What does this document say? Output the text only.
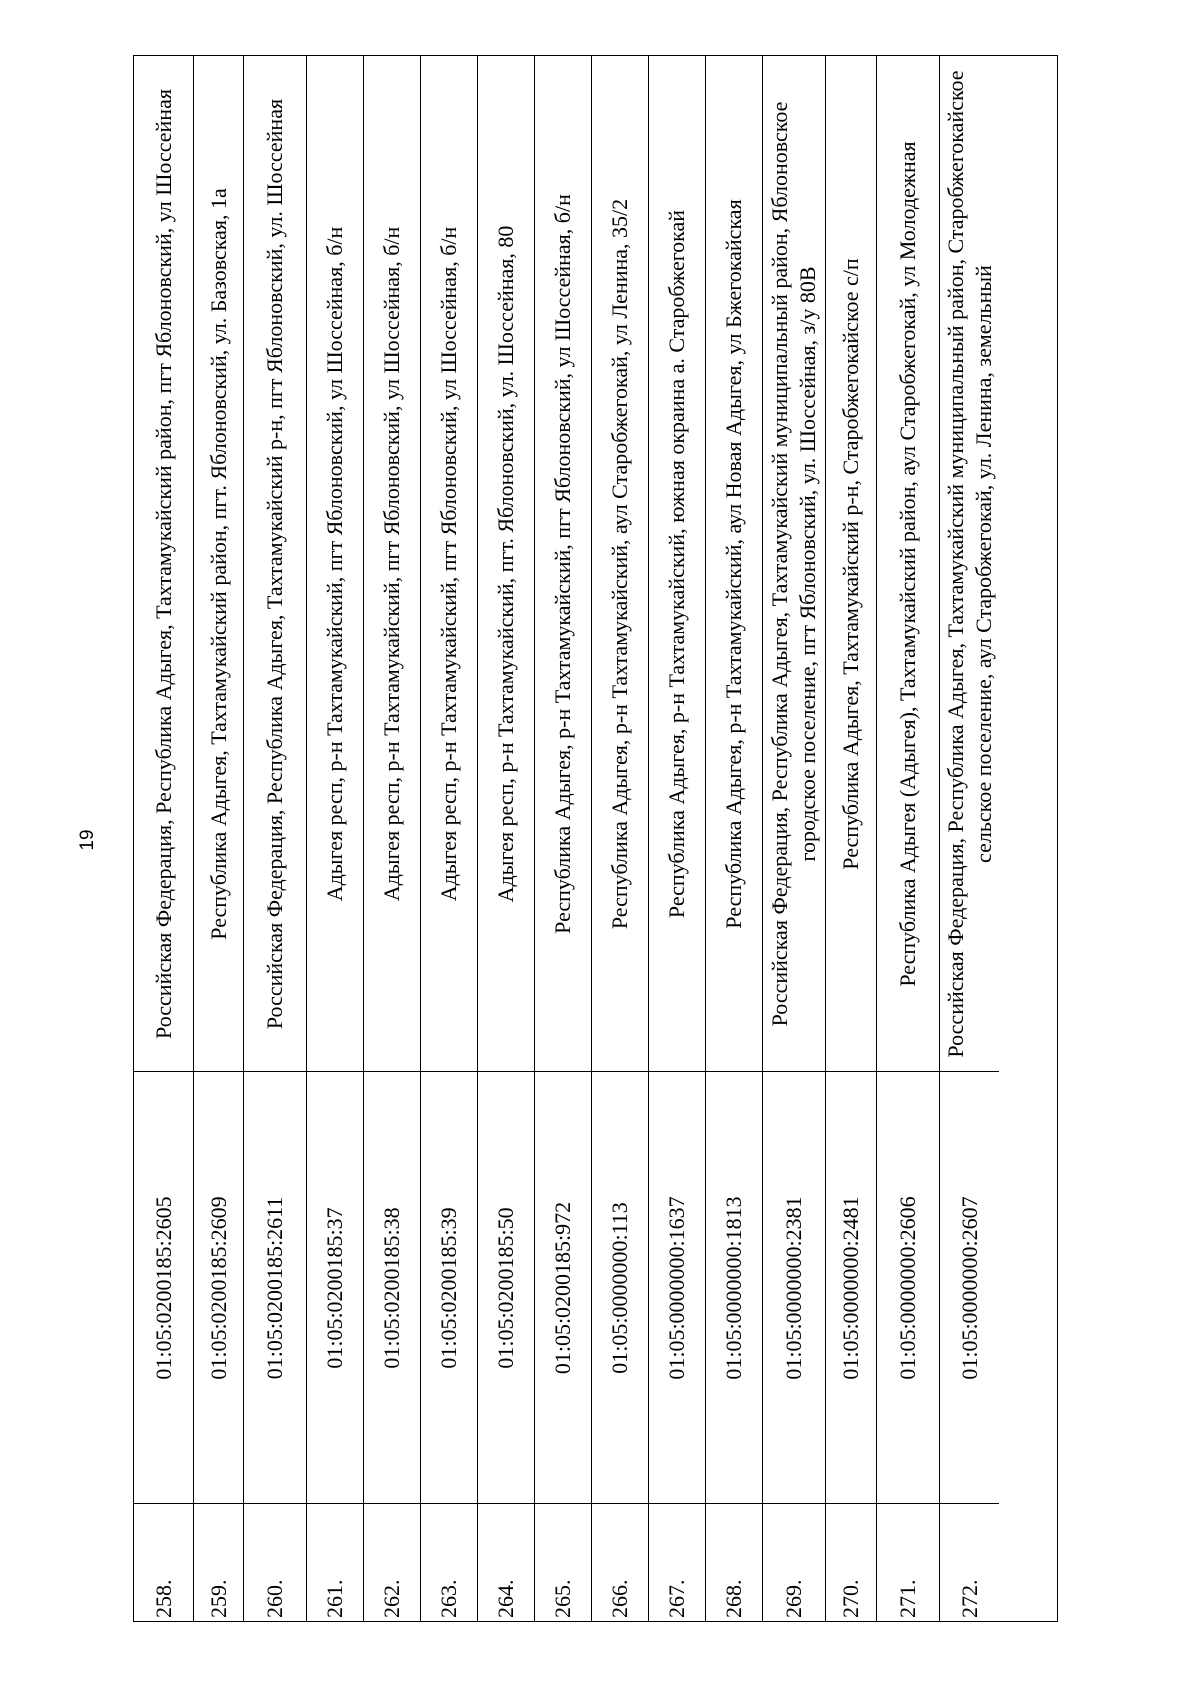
19	Российская Федерация, Республика Адыгея, Тахтамукайский район, пгт Яблоновский, ул Шоссейная
01:05:0200185:2605
258.
Республика Адыгея, Тахтамукайский район, пгт. Яблоновский, ул. Базовская, 1а
01:05:0200185:2609
259.
Российская Федерация, Республика Адыгея, Тахтамукайский р-н, пгт Яблоновский, ул. Шоссейная
01:05:0200185:2611
260.
Адыгея респ, р-н Тахтамукайский, пгт Яблоновский, ул Шоссейная, б/н
01:05:0200185:37
261.
Адыгея респ, р-н Тахтамукайский, пгт Яблоновский, ул Шоссейная, б/н
01:05:0200185:38
262.
Адыгея респ, р-н Тахтамукайский, пгт Яблоновский, ул Шоссейная, б/н
01:05:0200185:39
263.
Адыгея респ, р-н Тахтамукайский, пгт. Яблоновский, ул. Шоссейная, 80
01:05:0200185:50
264.
Республика Адыгея, р-н Тахтамукайский, пгт Яблоновский, ул Шоссейная, б/н
01:05:0200185:972
265.
Республика Адыгея, р-н Тахтамукайский, аул Старобжегокай, ул Ленина, 35/2
01:05:0000000:113
266.
Республика Адыгея, р-н Тахтамукайский, южная окраина а. Старобжегокай
01:05:0000000:1637
267.
Республика Адыгея, р-н Тахтамукайский, аул Новая Адыгея, ул Бжегокайская
01:05:0000000:1813
268.
Российская Федерация, Республика Адыгея, Тахтамукайский муниципальный район, Яблоновское городское поселение, пгт Яблоновский, ул. Шоссейная, з/у 80В
01:05:0000000:2381
269.
Республика Адыгея, Тахтамукайский р-н, Старобжегокайское с/п
01:05:0000000:2481
270.
Республика Адыгея (Адыгея), Тахтамукайский район, аул Старобжегокай, ул Молодежная
01:05:0000000:2606
271.
Российская Федерация, Республика Адыгея, Тахтамукайский муниципальный район, Старобжегокайское сельское поселение, аул Старобжегокай, ул. Ленина, земельный
01:05:0000000:2607
272.
